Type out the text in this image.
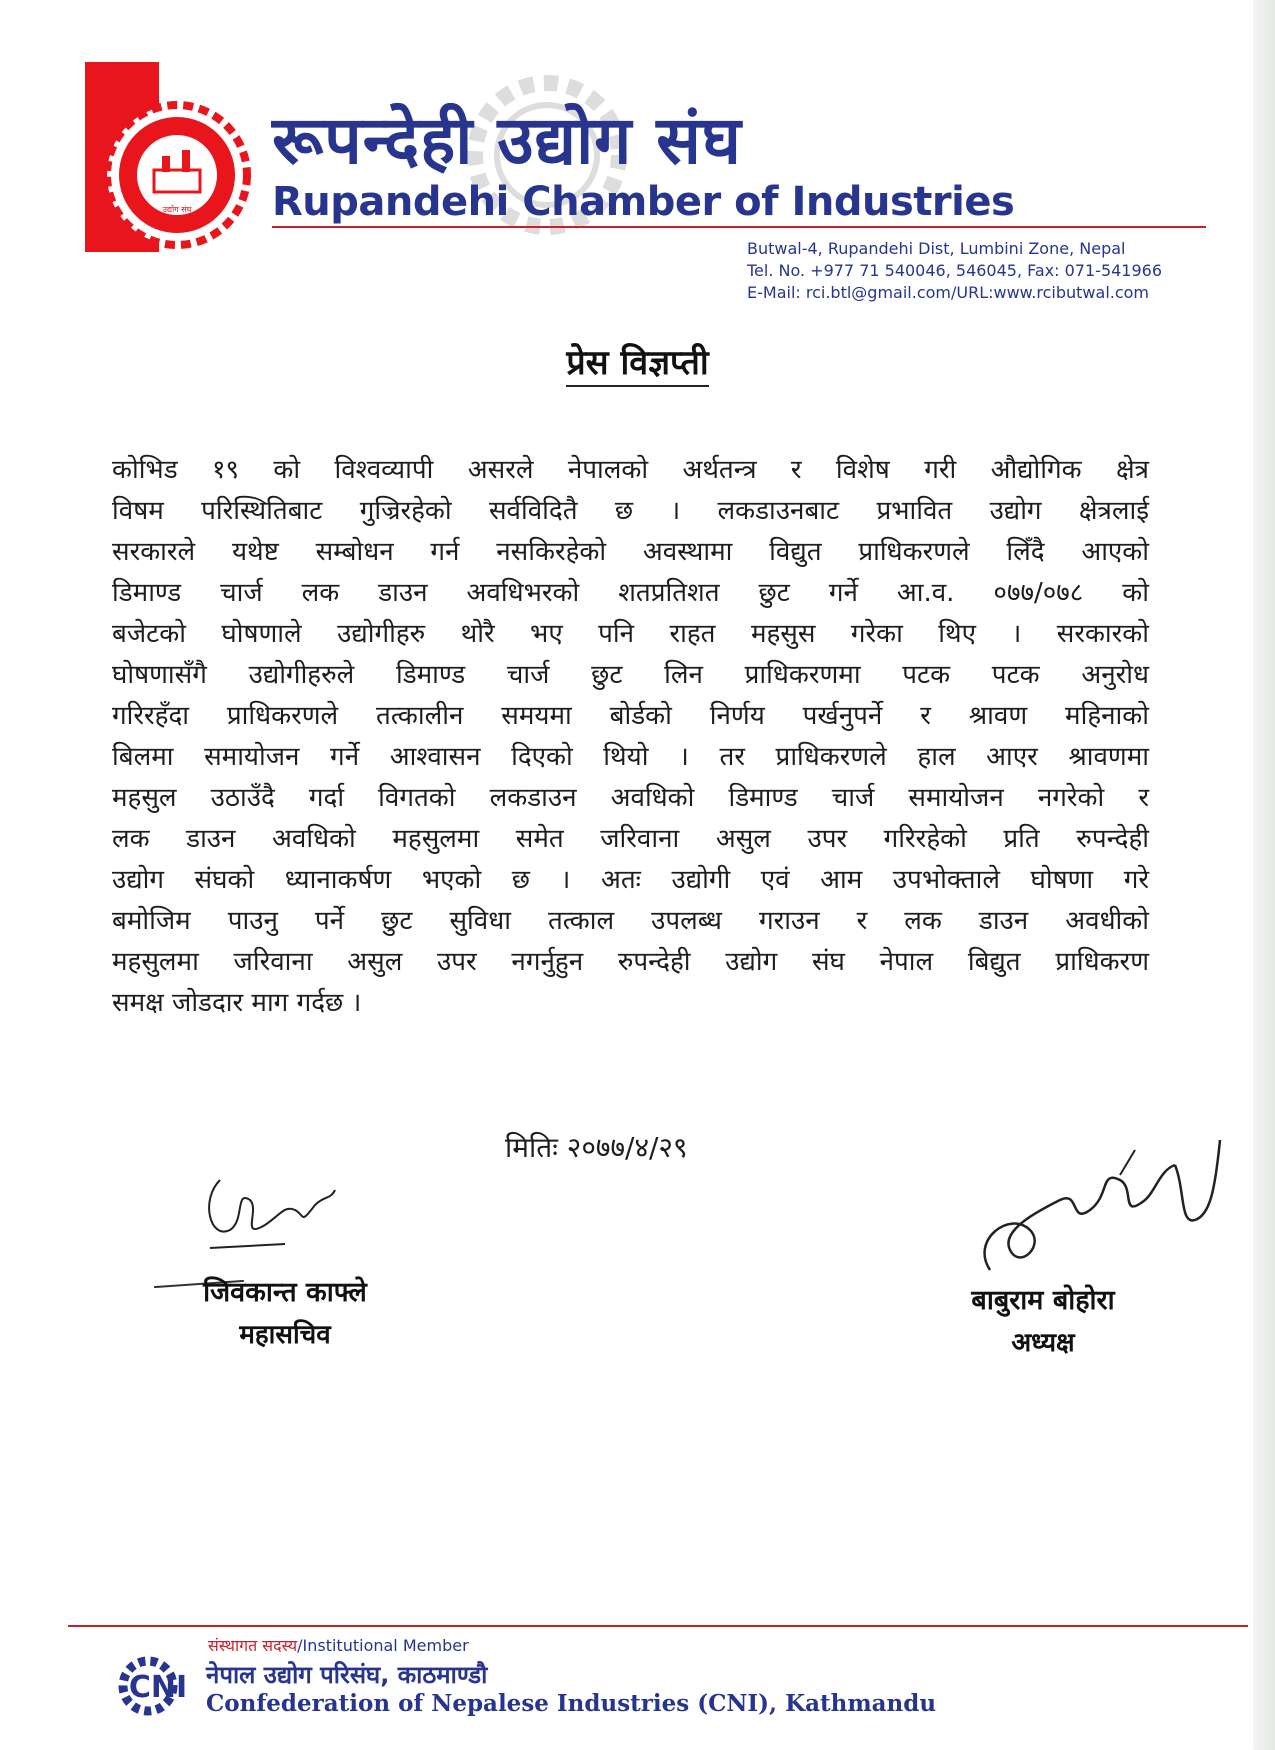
उद्योग संघ
रूपन्देही उद्योग संघ
Rupandehi Chamber of Industries
Butwal-4, Rupandehi Dist, Lumbini Zone, Nepal
Tel. No. +977 71 540046, 546045, Fax: 071-541966
E-Mail: rci.btl@gmail.com/URL:www.rcibutwal.com
प्रेस विज्ञप्ती
कोभिड १९ को विश्वव्यापी असरले नेपालको अर्थतन्त्र र विशेष गरी औद्योगिक क्षेत्र
विषम परिस्थितिबाट गुज्रिरहेको सर्वविदितै छ । लकडाउनबाट प्रभावित उद्योग क्षेत्रलाई
सरकारले यथेष्ट सम्बोधन गर्न नसकिरहेको अवस्थामा विद्युत प्राधिकरणले लिँदै आएको
डिमाण्ड चार्ज लक डाउन अवधिभरको शतप्रतिशत छुट गर्ने आ.व. ०७७/०७८ को
बजेटको घोषणाले उद्योगीहरु थोरै भए पनि राहत महसुस गरेका थिए । सरकारको
घोषणासँगै उद्योगीहरुले डिमाण्ड चार्ज छुट लिन प्राधिकरणमा पटक पटक अनुरोध
गरिरहँदा प्राधिकरणले तत्कालीन समयमा बोर्डको निर्णय पर्खनुपर्ने र श्रावण महिनाको
बिलमा समायोजन गर्ने आश्वासन दिएको थियो । तर प्राधिकरणले हाल आएर श्रावणमा
महसुल उठाउँदै गर्दा विगतको लकडाउन अवधिको डिमाण्ड चार्ज समायोजन नगरेको र
लक डाउन अवधिको महसुलमा समेत जरिवाना असुल उपर गरिरहेको प्रति रुपन्देही
उद्योग संघको ध्यानाकर्षण भएको छ । अतः उद्योगी एवं आम उपभोक्ताले घोषणा गरे
बमोजिम पाउनु पर्ने छुट सुविधा तत्काल उपलब्ध गराउन र लक डाउन अवधीको
महसुलमा जरिवाना असुल उपर नगर्नुहुन रुपन्देही उद्योग संघ नेपाल बिद्युत प्राधिकरण
समक्ष जोडदार माग गर्दछ ।
मितिः २०७७/४/२९
जिवकान्त काफ्ले
महासचिव
बाबुराम बोहोरा
अध्यक्ष
संस्थागत सदस्य/Institutional Member
CNI नेपाल उद्योग परिसंघ, काठमाण्डौ
Confederation of Nepalese Industries (CNI), Kathmandu
